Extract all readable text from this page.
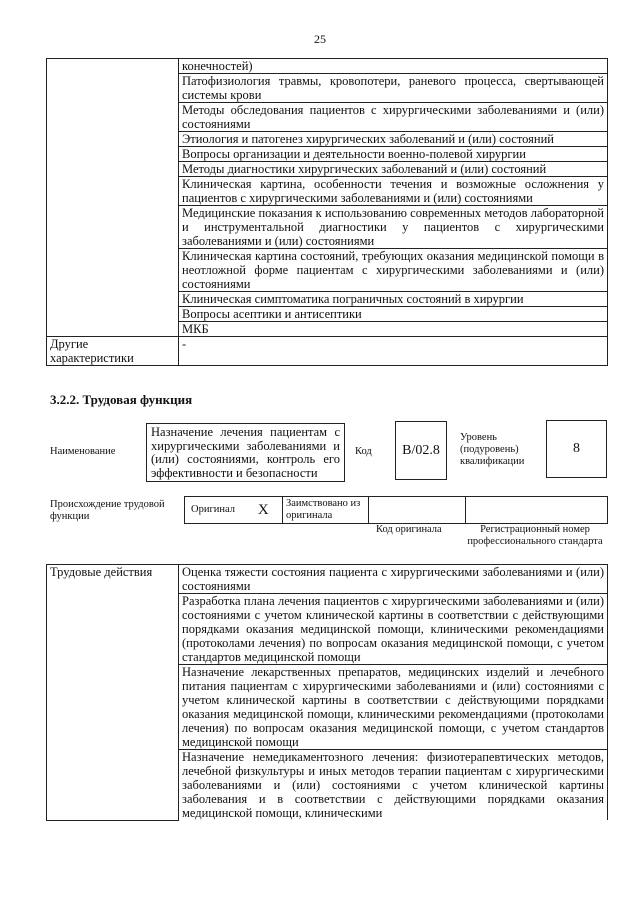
25
	конечностей)
	Патофизиология травмы, кровопотери, раневого процесса, свертывающей системы крови
	Методы обследования пациентов с хирургическими заболеваниями и (или) состояниями
	Этиология и патогенез хирургических заболеваний и (или) состояний
	Вопросы организации и деятельности военно-полевой хирургии
	Методы диагностики хирургических заболеваний и (или) состояний
	Клиническая картина, особенности течения и возможные осложнения у пациентов с хирургическими заболеваниями и (или) состояниями
	Медицинские показания к использованию современных методов лабораторной и инструментальной диагностики у пациентов с хирургическими заболеваниями и (или) состояниями
	Клиническая картина состояний, требующих оказания медицинской помощи в неотложной форме пациентам с хирургическими заболеваниями и (или) состояниями
	Клиническая симптоматика пограничных состояний в хирургии
	Вопросы асептики и антисептики
	МКБ
Другие характеристики	-
3.2.2. Трудовая функция
Наименование
Назначение лечения пациентам с хирургическими заболеваниями и (или) состояниями, контроль его эффективности и безопасности
Код	B/02.8
Уровень (подуровень) квалификации
8
Происхождение трудовой функции
Оригинал	X	Заимствовано из оригинала		
Код оригинала	Регистрационный номер профессионального стандарта
Трудовые действия	Оценка тяжести состояния пациента с хирургическими заболеваниями и (или) состояниями
Разработка плана лечения пациентов с хирургическими заболеваниями и (или) состояниями с учетом клинической картины в соответствии с действующими порядками оказания медицинской помощи, клиническими рекомендациями (протоколами лечения) по вопросам оказания медицинской помощи, с учетом стандартов медицинской помощи
Назначение лекарственных препаратов, медицинских изделий и лечебного питания пациентам с хирургическими заболеваниями и (или) состояниями с учетом клинической картины в соответствии с действующими порядками оказания медицинской помощи, клиническими рекомендациями (протоколами лечения) по вопросам оказания медицинской помощи, с учетом стандартов медицинской помощи
Назначение немедикаментозного лечения: физиотерапевтических методов, лечебной физкультуры и иных методов терапии пациентам с хирургическими заболеваниями и (или) состояниями с учетом клинической картины заболевания и в соответствии с действующими порядками оказания медицинской помощи, клиническими
